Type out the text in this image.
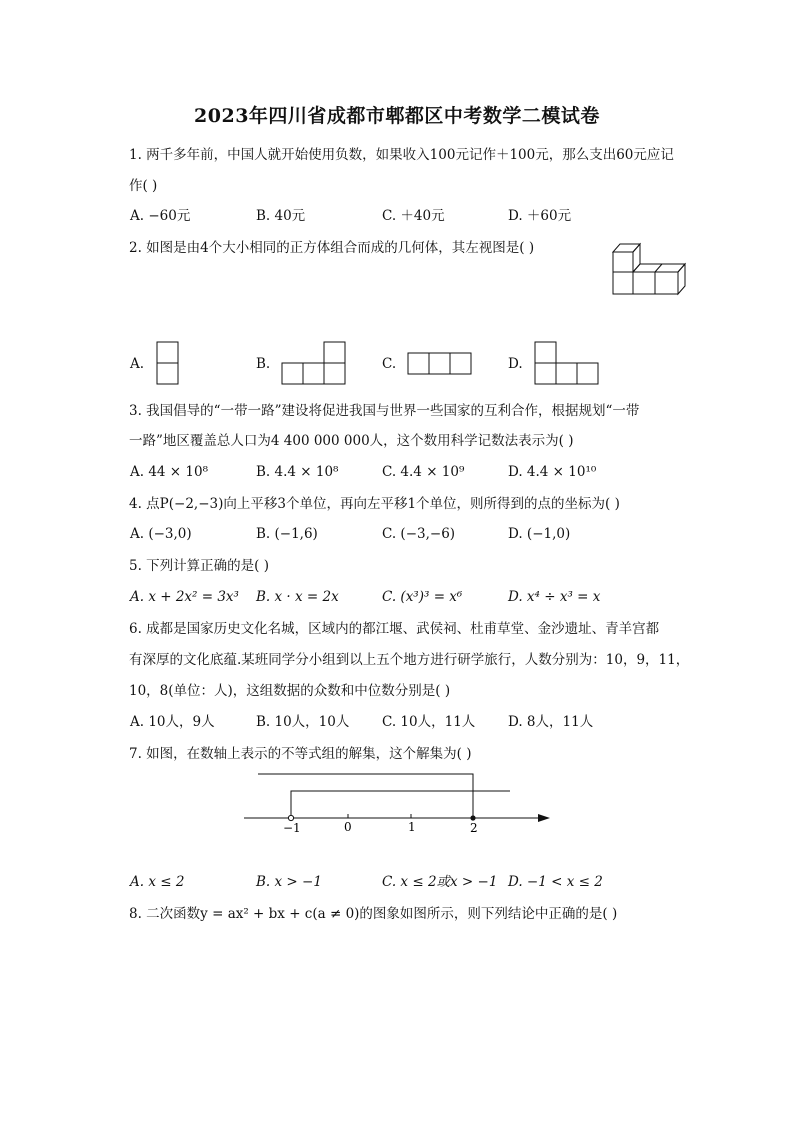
2023年四川省成都市郫都区中考数学二模试卷
1. 两千多年前，中国人就开始使用负数，如果收入100元记作＋100元，那么支出60元应记
作( )
A. −60元	B. 40元	C. ＋40元	D. ＋60元
2. 如图是由4个大小相同的正方体组合而成的几何体，其左视图是( )
A.	B.	C.	D.
3. 我国倡导的“一带一路”建设将促进我国与世界一些国家的互利合作，根据规划“一带
一路”地区覆盖总人口为4 400 000 000人，这个数用科学记数法表示为( )
A. 44 × 10⁸	B. 4.4 × 10⁸	C. 4.4 × 10⁹	D. 4.4 × 10¹⁰
4. 点P(−2,−3)向上平移3个单位，再向左平移1个单位，则所得到的点的坐标为( )
A. (−3,0)	B. (−1,6)	C. (−3,−6)	D. (−1,0)
5. 下列计算正确的是( )
A. x + 2x² = 3x³ B. x · x = 2x	C. (x³)³ = x⁶	D. x⁴ ÷ x³ = x
6. 成都是国家历史文化名城，区域内的都江堰、武侯祠、杜甫草堂、金沙遗址、青羊宫都
有深厚的文化底蕴.某班同学分小组到以上五个地方进行研学旅行，人数分别为：10，9，11，
10，8(单位：人)，这组数据的众数和中位数分别是( )
A. 10人，9人	B. 10人，10人 C. 10人，11人 D. 8人，11人
7. 如图，在数轴上表示的不等式组的解集，这个解集为( )
−1	0	1	2
A. x ≤ 2	B. x > −1	C. x ≤ 2或x > −1 D. −1 < x ≤ 2
8. 二次函数y = ax² + bx + c(a ≠ 0)的图象如图所示，则下列结论中正确的是( )
